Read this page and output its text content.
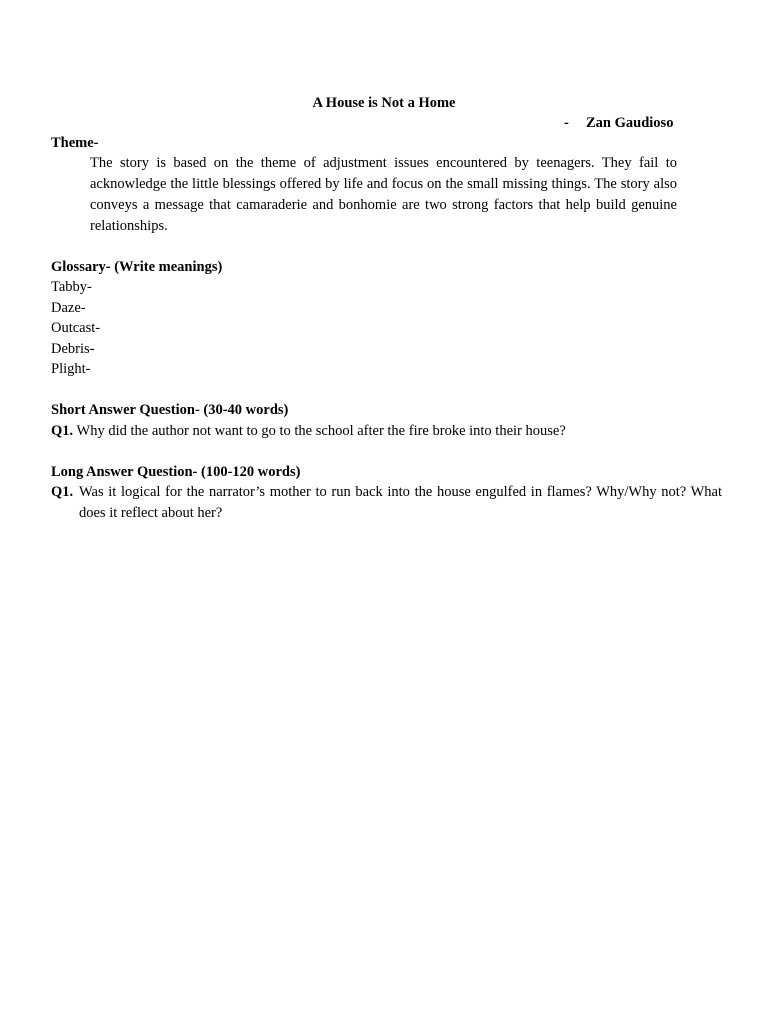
A House is Not a Home
- Zan Gaudioso
Theme-
The story is based on the theme of adjustment issues encountered by teenagers. They fail to acknowledge the little blessings offered by life and focus on the small missing things. The story also conveys a message that camaraderie and bonhomie are two strong factors that help build genuine relationships.
Glossary- (Write meanings)
Tabby-
Daze-
Outcast-
Debris-
Plight-
Short Answer Question- (30-40 words)
Q1. Why did the author not want to go to the school after the fire broke into their house?
Long Answer Question- (100-120 words)
Q1. Was it logical for the narrator’s mother to run back into the house engulfed in flames? Why/Why not? What does it reflect about her?
